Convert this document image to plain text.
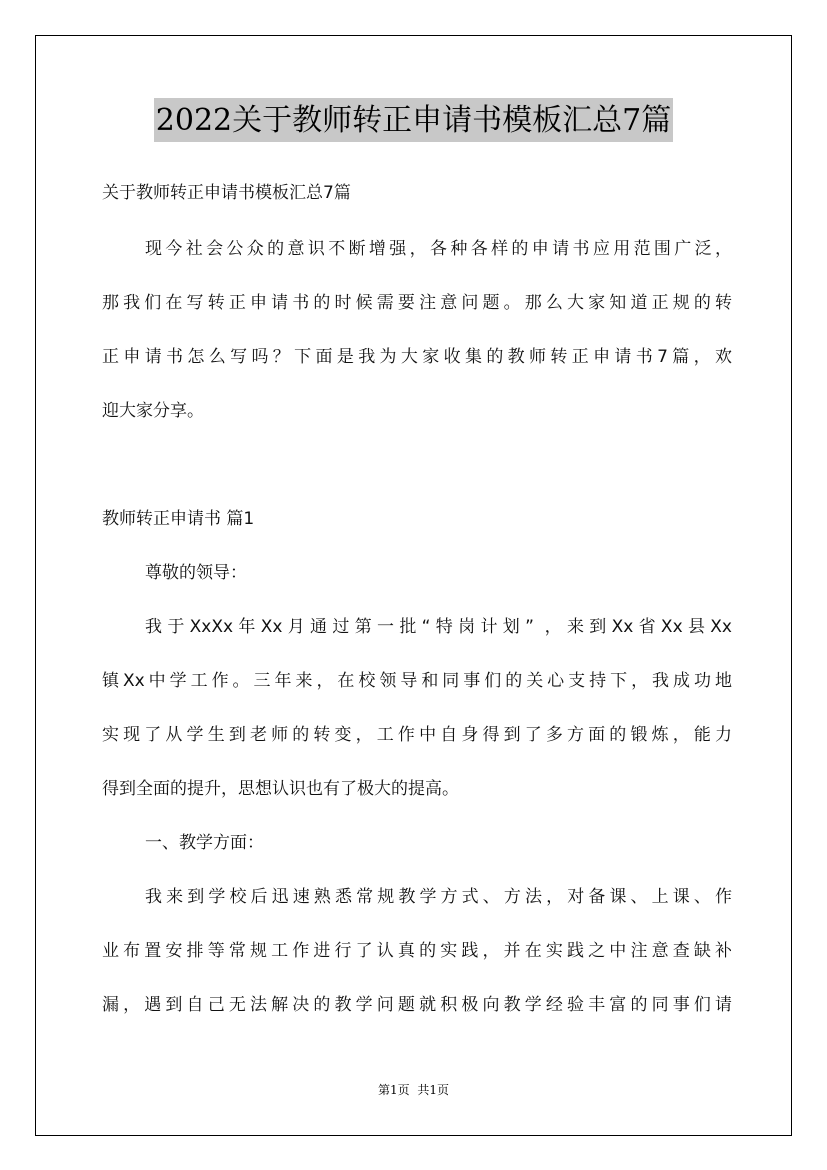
2022关于教师转正申请书模板汇总7篇
关于教师转正申请书模板汇总7篇
现今社会公众的意识不断增强，各种各样的申请书应用范围广泛，
那我们在写转正申请书的时候需要注意问题。那么大家知道正规的转
正申请书怎么写吗？下面是我为大家收集的教师转正申请书7篇，欢
迎大家分享。
教师转正申请书 篇1
尊敬的领导：
我于XxXx年Xx月通过第一批“特岗计划” ，来到Xx省Xx县Xx
镇Xx中学工作。三年来，在校领导和同事们的关心支持下，我成功地
实现了从学生到老师的转变，工作中自身得到了多方面的锻炼，能力
得到全面的提升，思想认识也有了极大的提高。
一、教学方面：
我来到学校后迅速熟悉常规教学方式、方法，对备课、上课、作
业布置安排等常规工作进行了认真的实践，并在实践之中注意查缺补
漏，遇到自己无法解决的教学问题就积极向教学经验丰富的同事们请
第1页 共1页
